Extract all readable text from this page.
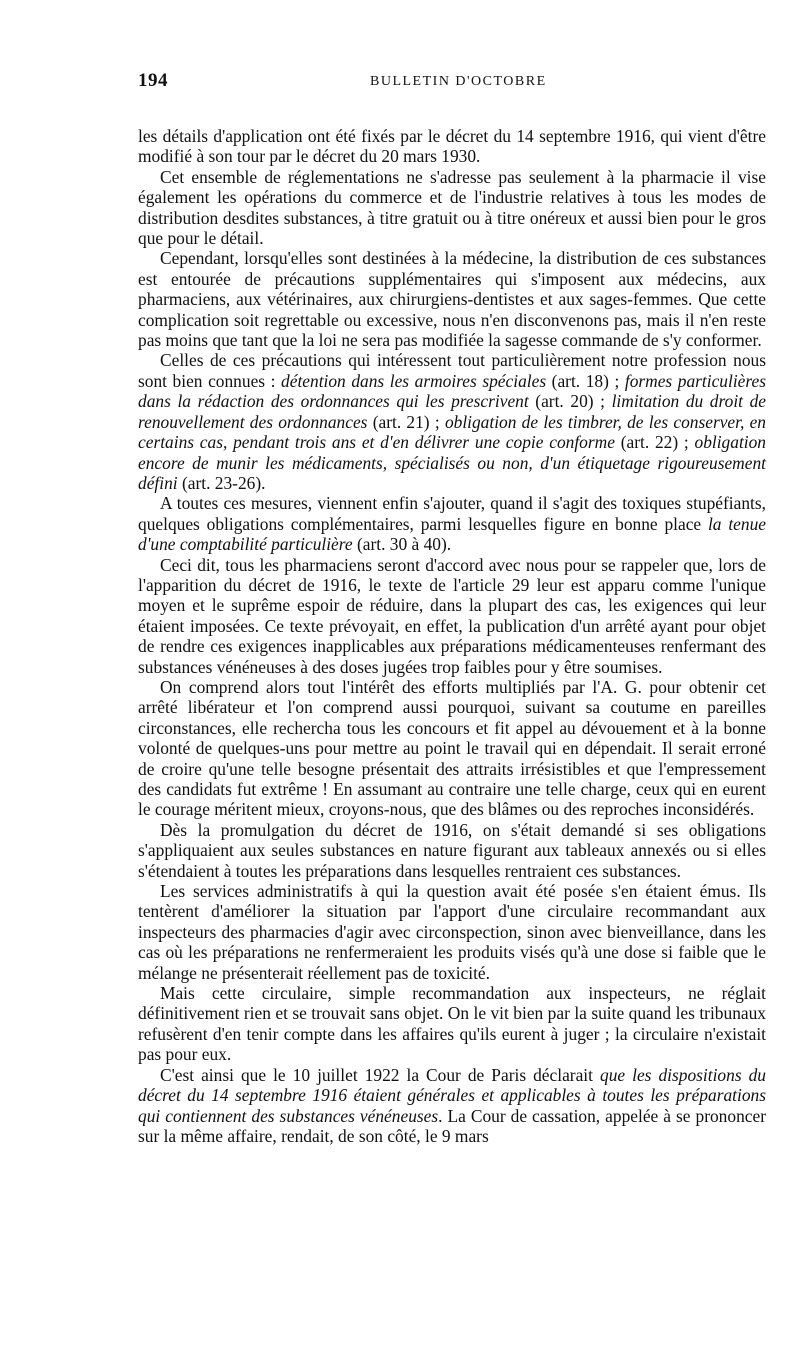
194	BULLETIN D'OCTOBRE

les détails d'application ont été fixés par le décret du 14 septembre 1916, qui vient d'être modifié à son tour par le décret du 20 mars 1930.

Cet ensemble de réglementations ne s'adresse pas seulement à la pharmacie il vise également les opérations du commerce et de l'industrie relatives à tous les modes de distribution desdites substances, à titre gratuit ou à titre onéreux et aussi bien pour le gros que pour le détail.

Cependant, lorsqu'elles sont destinées à la médecine, la distribution de ces substances est entourée de précautions supplémentaires qui s'imposent aux médecins, aux pharmaciens, aux vétérinaires, aux chirurgiens-dentistes et aux sages-femmes. Que cette complication soit regrettable ou excessive, nous n'en disconvenons pas, mais il n'en reste pas moins que tant que la loi ne sera pas modifiée la sagesse commande de s'y conformer.

Celles de ces précautions qui intéressent tout particulièrement notre profession nous sont bien connues : détention dans les armoires spéciales (art. 18) ; formes particulières dans la rédaction des ordonnances qui les prescrivent (art. 20) ; limitation du droit de renouvellement des ordonnances (art. 21) ; obligation de les timbrer, de les conserver, en certains cas, pendant trois ans et d'en délivrer une copie conforme (art. 22) ; obligation encore de munir les médicaments, spécialisés ou non, d'un étiquetage rigoureusement défini (art. 23-26).

A toutes ces mesures, viennent enfin s'ajouter, quand il s'agit des toxiques stupéfiants, quelques obligations complémentaires, parmi lesquelles figure en bonne place la tenue d'une comptabilité particulière (art. 30 à 40).

Ceci dit, tous les pharmaciens seront d'accord avec nous pour se rappeler que, lors de l'apparition du décret de 1916, le texte de l'article 29 leur est apparu comme l'unique moyen et le suprême espoir de réduire, dans la plupart des cas, les exigences qui leur étaient imposées. Ce texte prévoyait, en effet, la publication d'un arrêté ayant pour objet de rendre ces exigences inapplicables aux préparations médicamenteuses renfermant des substances vénéneuses à des doses jugées trop faibles pour y être soumises.

On comprend alors tout l'intérêt des efforts multipliés par l'A. G. pour obtenir cet arrêté libérateur et l'on comprend aussi pourquoi, suivant sa coutume en pareilles circonstances, elle rechercha tous les concours et fit appel au dévouement et à la bonne volonté de quelques-uns pour mettre au point le travail qui en dépendait. Il serait erroné de croire qu'une telle besogne présentait des attraits irrésistibles et que l'empressement des candidats fut extrême ! En assumant au contraire une telle charge, ceux qui en eurent le courage méritent mieux, croyons-nous, que des blâmes ou des reproches inconsidérés.

Dès la promulgation du décret de 1916, on s'était demandé si ses obligations s'appliquaient aux seules substances en nature figurant aux tableaux annexés ou si elles s'étendaient à toutes les préparations dans lesquelles rentraient ces substances.

Les services administratifs à qui la question avait été posée s'en étaient émus. Ils tentèrent d'améliorer la situation par l'apport d'une circulaire recommandant aux inspecteurs des pharmacies d'agir avec circonspection, sinon avec bienveillance, dans les cas où les préparations ne renfermeraient les produits visés qu'à une dose si faible que le mélange ne présenterait réellement pas de toxicité.

Mais cette circulaire, simple recommandation aux inspecteurs, ne réglait définitivement rien et se trouvait sans objet. On le vit bien par la suite quand les tribunaux refusèrent d'en tenir compte dans les affaires qu'ils eurent à juger ; la circulaire n'existait pas pour eux.

C'est ainsi que le 10 juillet 1922 la Cour de Paris déclarait que les dispositions du décret du 14 septembre 1916 étaient générales et applicables à toutes les préparations qui contiennent des substances vénéneuses. La Cour de cassation, appelée à se prononcer sur la même affaire, rendait, de son côté, le 9 mars
